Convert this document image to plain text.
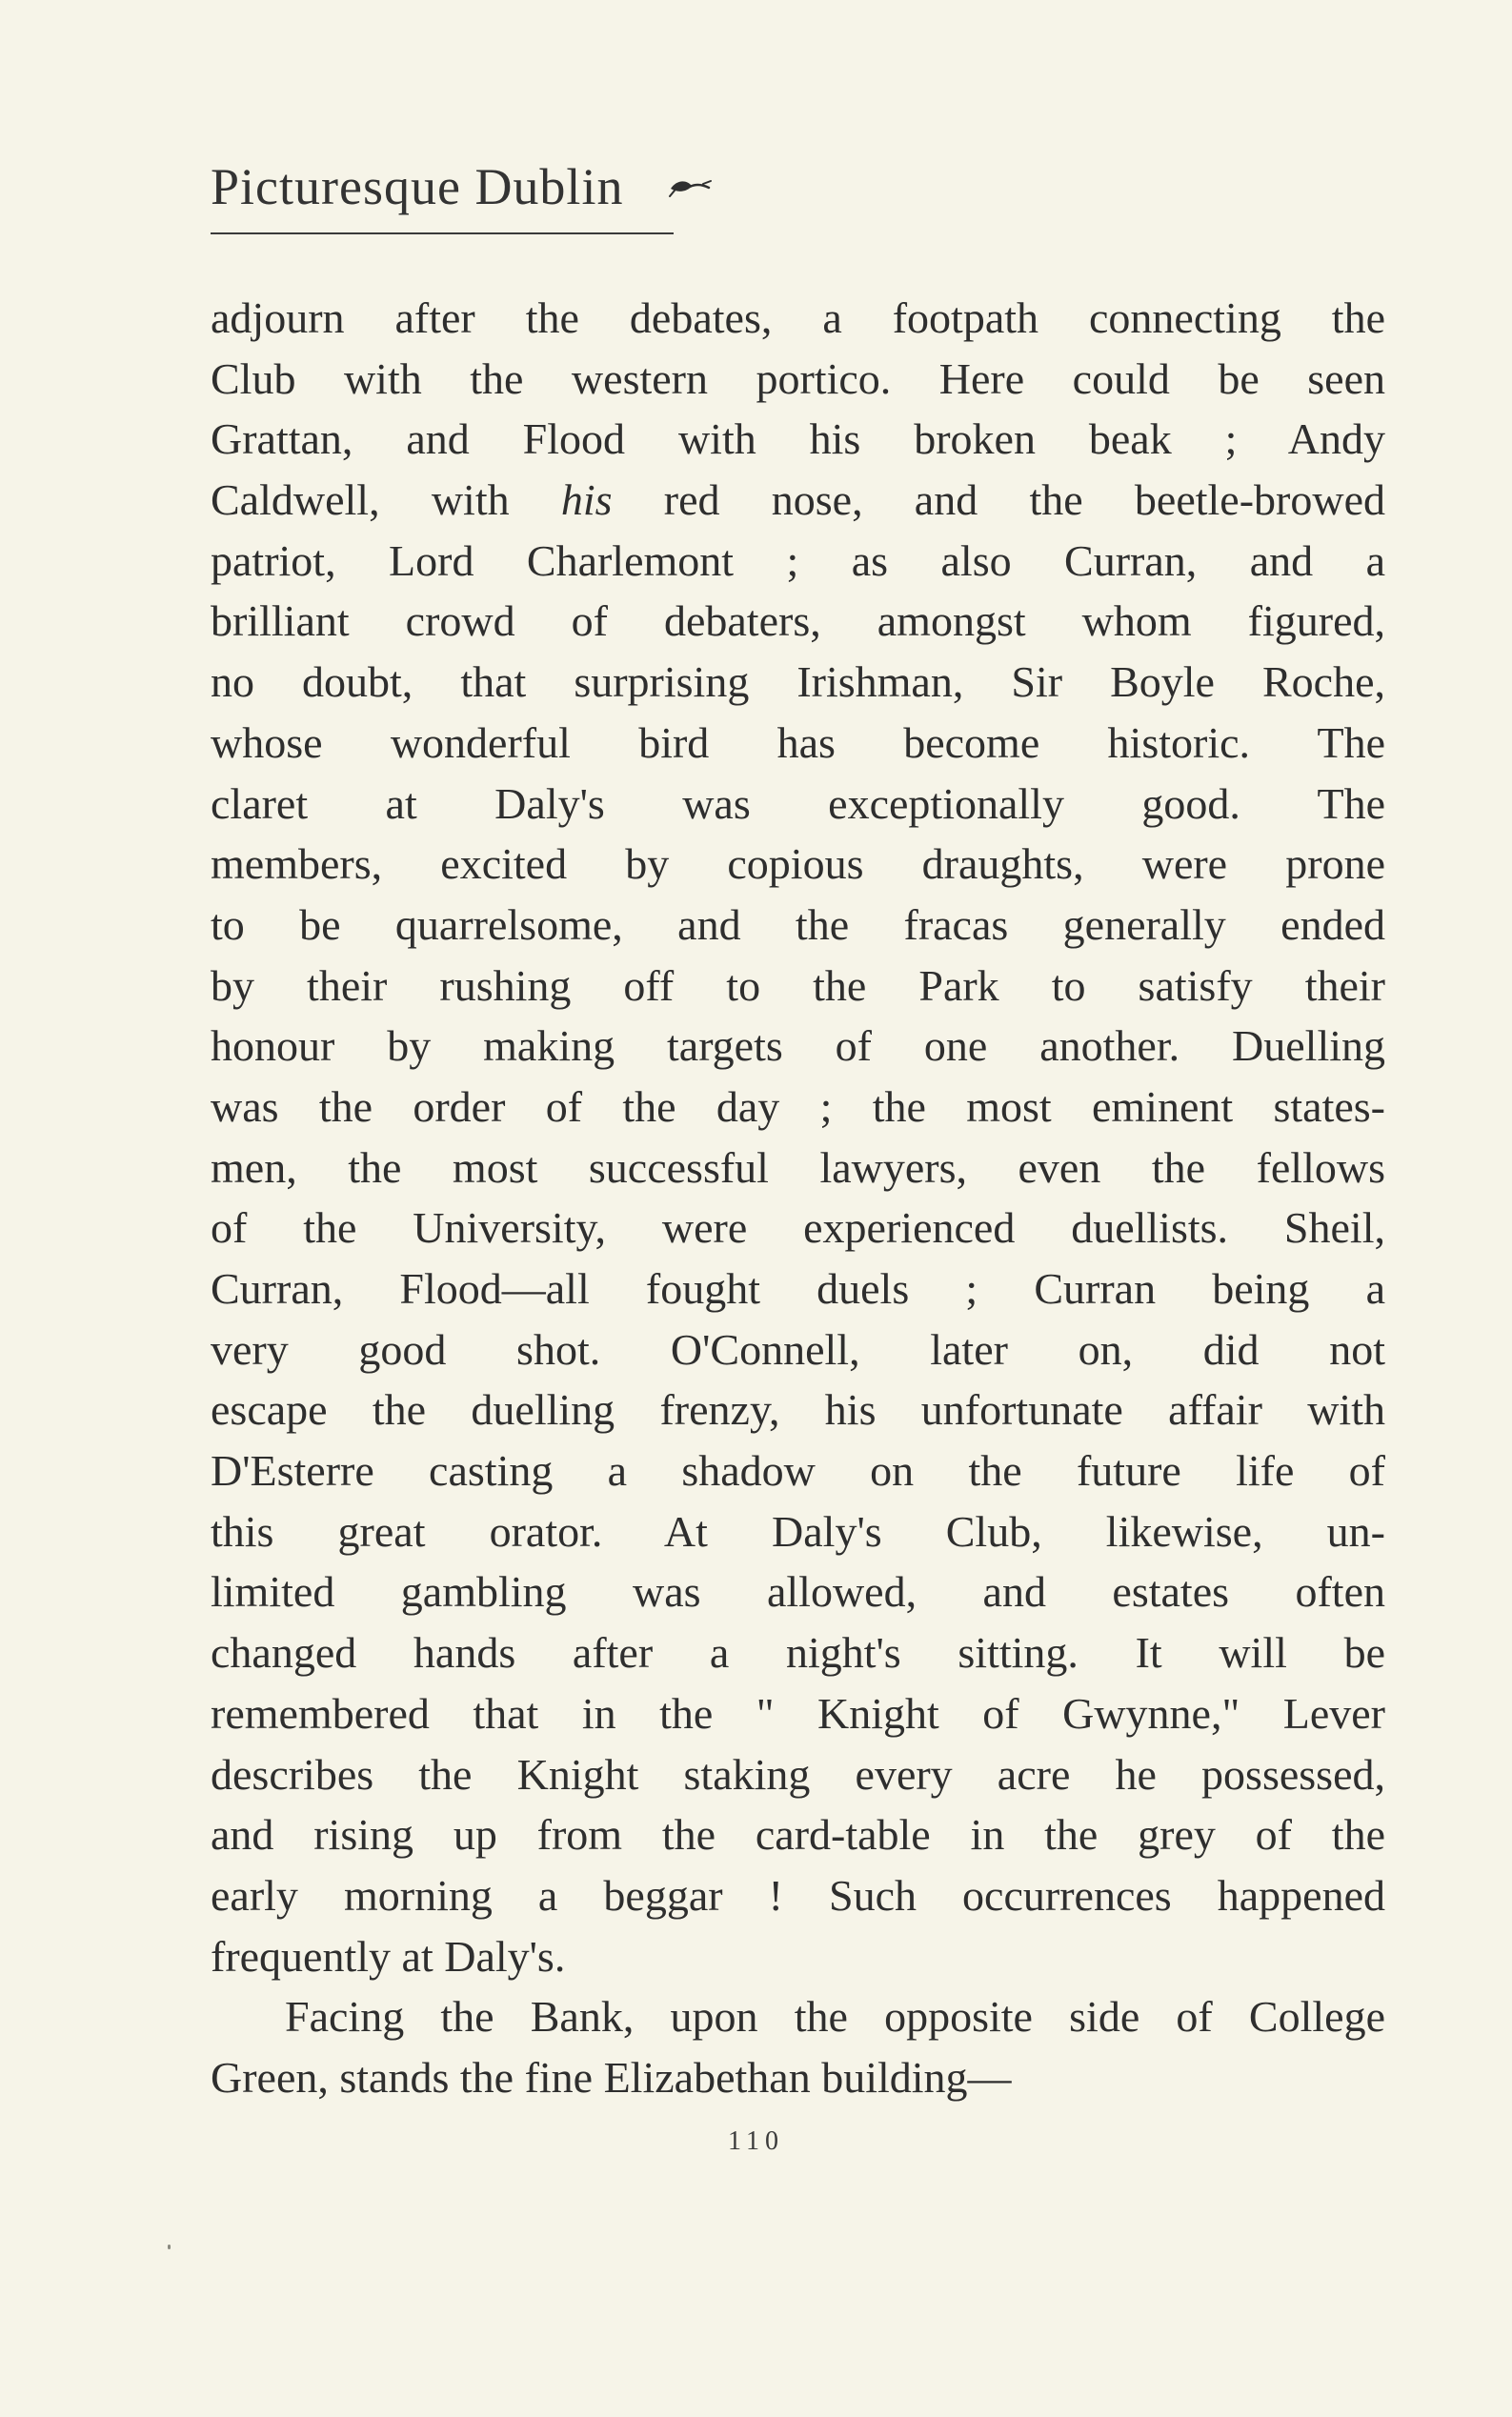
Picturesque Dublin
adjourn after the debates, a footpath connecting the
Club with the western portico. Here could be seen
Grattan, and Flood with his broken beak ; Andy
Caldwell, with his red nose, and the beetle-browed
patriot, Lord Charlemont ; as also Curran, and a
brilliant crowd of debaters, amongst whom figured,
no doubt, that surprising Irishman, Sir Boyle Roche,
whose wonderful bird has become historic. The
claret at Daly's was exceptionally good. The
members, excited by copious draughts, were prone
to be quarrelsome, and the fracas generally ended
by their rushing off to the Park to satisfy their
honour by making targets of one another. Duelling
was the order of the day ; the most eminent states-
men, the most successful lawyers, even the fellows
of the University, were experienced duellists. Sheil,
Curran, Flood—all fought duels ; Curran being a
very good shot. O'Connell, later on, did not
escape the duelling frenzy, his unfortunate affair with
D'Esterre casting a shadow on the future life of
this great orator. At Daly's Club, likewise, un-
limited gambling was allowed, and estates often
changed hands after a night's sitting. It will be
remembered that in the " Knight of Gwynne," Lever
describes the Knight staking every acre he possessed,
and rising up from the card-table in the grey of the
early morning a beggar ! Such occurrences happened
frequently at Daly's.
Facing the Bank, upon the opposite side of College
Green, stands the fine Elizabethan building—
110
